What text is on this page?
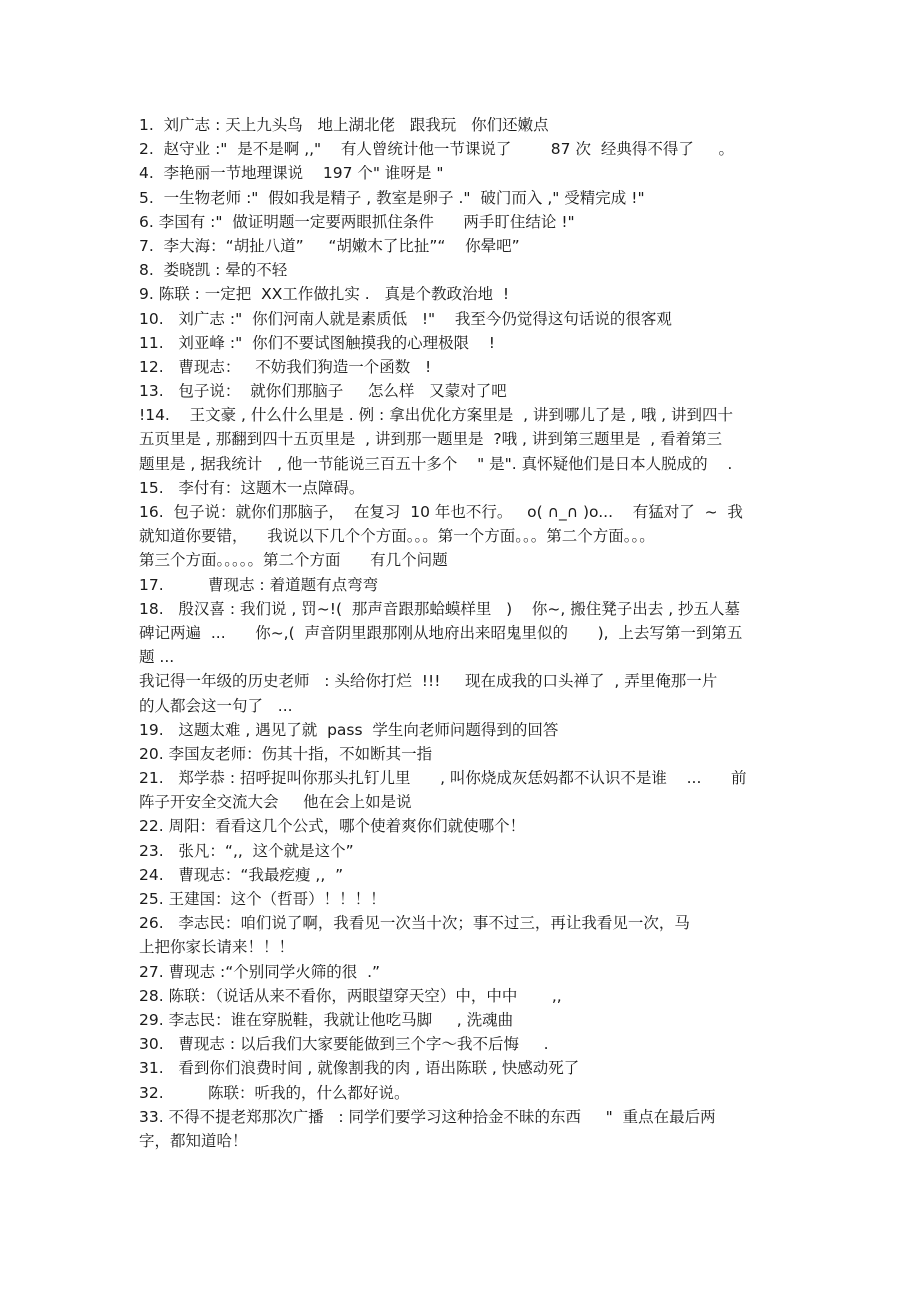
1.  刘广志 : 天上九头鸟   地上湖北佬   跟我玩   你们还嫩点
2.  赵守业 :"  是不是啊 ,,"    有人曾统计他一节课说了        87 次  经典得不得了     。
4.  李艳丽一节地理课说    197 个" 谁呀是 "
5.  一生物老师 :"  假如我是精子 , 教室是卵子 ."  破门而入 ," 受精完成 !"
6. 李国有 :"  做证明题一定要两眼抓住条件      两手盯住结论 !"
7.  李大海：“胡扯八道”     “胡嫩木了比扯”“    你晕吧”
8.  娄晓凯 : 晕的不轻
9. 陈联 : 一定把  XX工作做扎实 .   真是个教政治地  !
10.   刘广志 :"  你们河南人就是素质低   !"    我至今仍觉得这句话说的很客观
11.   刘亚峰 :"  你们不要试图触摸我的心理极限    !
12.   曹现志：   不妨我们狗造一个函数   !
13.   包子说：  就你们那脑子     怎么样   又蒙对了吧
!14.    王文豪 , 什么什么里是 . 例 : 拿出优化方案里是  , 讲到哪儿了是 , 哦 , 讲到四十
五页里是 , 那翻到四十五页里是  , 讲到那一题里是  ?哦 , 讲到第三题里是  , 看着第三
题里是 , 据我统计   , 他一节能说三百五十多个    " 是". 真怀疑他们是日本人脱成的    .
15.   李付有：这题木一点障碍。
16.  包子说：就你们那脑子，  在复习  10 年也不行。   o( ∩_∩ )o...    有猛对了  ~  我
就知道你要错，    我说以下几个个方面。。。第一个方面。。。第二个方面。。。
第三个方面。。。。。第二个方面      有几个问题
17.         曹现志 : 着道题有点弯弯
18.   殷汉喜 : 我们说 , 罚~!(  那声音跟那蛤蟆样里   )    你~, 搬住凳子出去 , 抄五人墓
碑记两遍  ...      你~,(  声音阴里跟那刚从地府出来昭鬼里似的      ),  上去写第一到第五
题 ...
我记得一年级的历史老师   : 头给你打烂  !!!     现在成我的口头禅了  , 弄里俺那一片
的人都会这一句了   ...
19.   这题太难 , 遇见了就  pass  学生向老师问题得到的回答
20. 李国友老师：伤其十指，不如断其一指
21.   郑学恭 : 招呼捉叫你那头扎钉儿里      , 叫你烧成灰恁妈都不认识不是谁    ...      前
阵子开安全交流大会     他在会上如是说
22. 周阳：看看这几个公式，哪个使着爽你们就使哪个！
23.   张凡：“,,  这个就是这个”
24.   曹现志：“我最疙瘦 ,,  ”
25. 王建国：这个（哲哥）！！！！
26.   李志民：咱们说了啊，我看见一次当十次；事不过三，再让我看见一次，马
上把你家长请来！！！
27. 曹现志 :“个别同学火筛的很  .”
28. 陈联：（说话从来不看你，两眼望穿天空）中，中中       ,,
29. 李志民：谁在穿脱鞋，我就让他吃马脚     , 洗魂曲
30.   曹现志 : 以后我们大家要能做到三个字～我不后悔     .
31.   看到你们浪费时间 , 就像割我的肉 , 语出陈联 , 快感动死了
32.         陈联：听我的，什么都好说。
33. 不得不提老郑那次广播   : 同学们要学习这种拾金不昧的东西     "  重点在最后两
字，都知道哈！
